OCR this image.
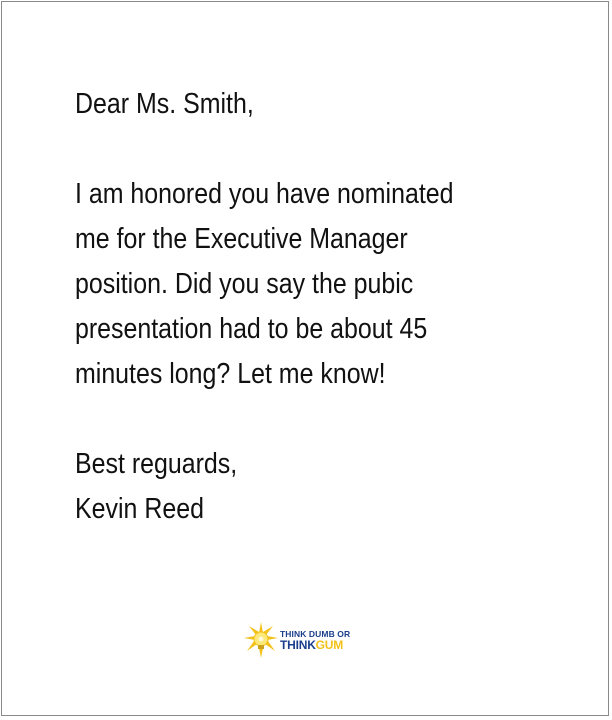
Dear Ms. Smith,

I am honored you have nominated

me for the Executive Manager

position. Did you say the pubic

presentation had to be about 45

minutes long? Let me know!

Best reguards,

Kevin Reed

THINK DUMB OR
THINKGUM
